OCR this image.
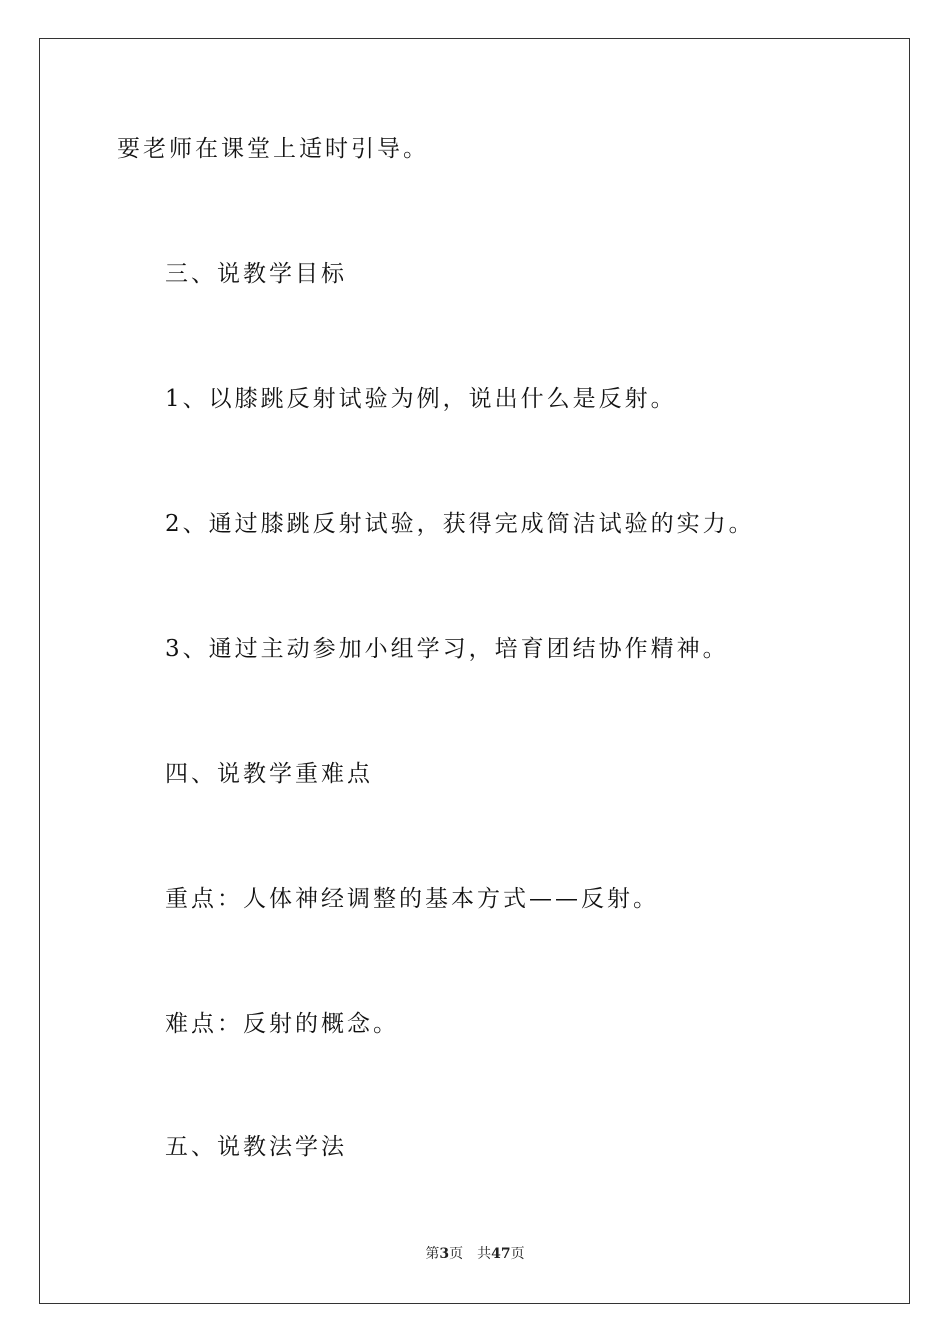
要老师在课堂上适时引导。
三、说教学目标
1、以膝跳反射试验为例，说出什么是反射。
2、通过膝跳反射试验，获得完成简洁试验的实力。
3、通过主动参加小组学习，培育团结协作精神。
四、说教学重难点
重点：人体神经调整的基本方式——反射。
难点：反射的概念。
五、说教法学法
第3页　共47页
